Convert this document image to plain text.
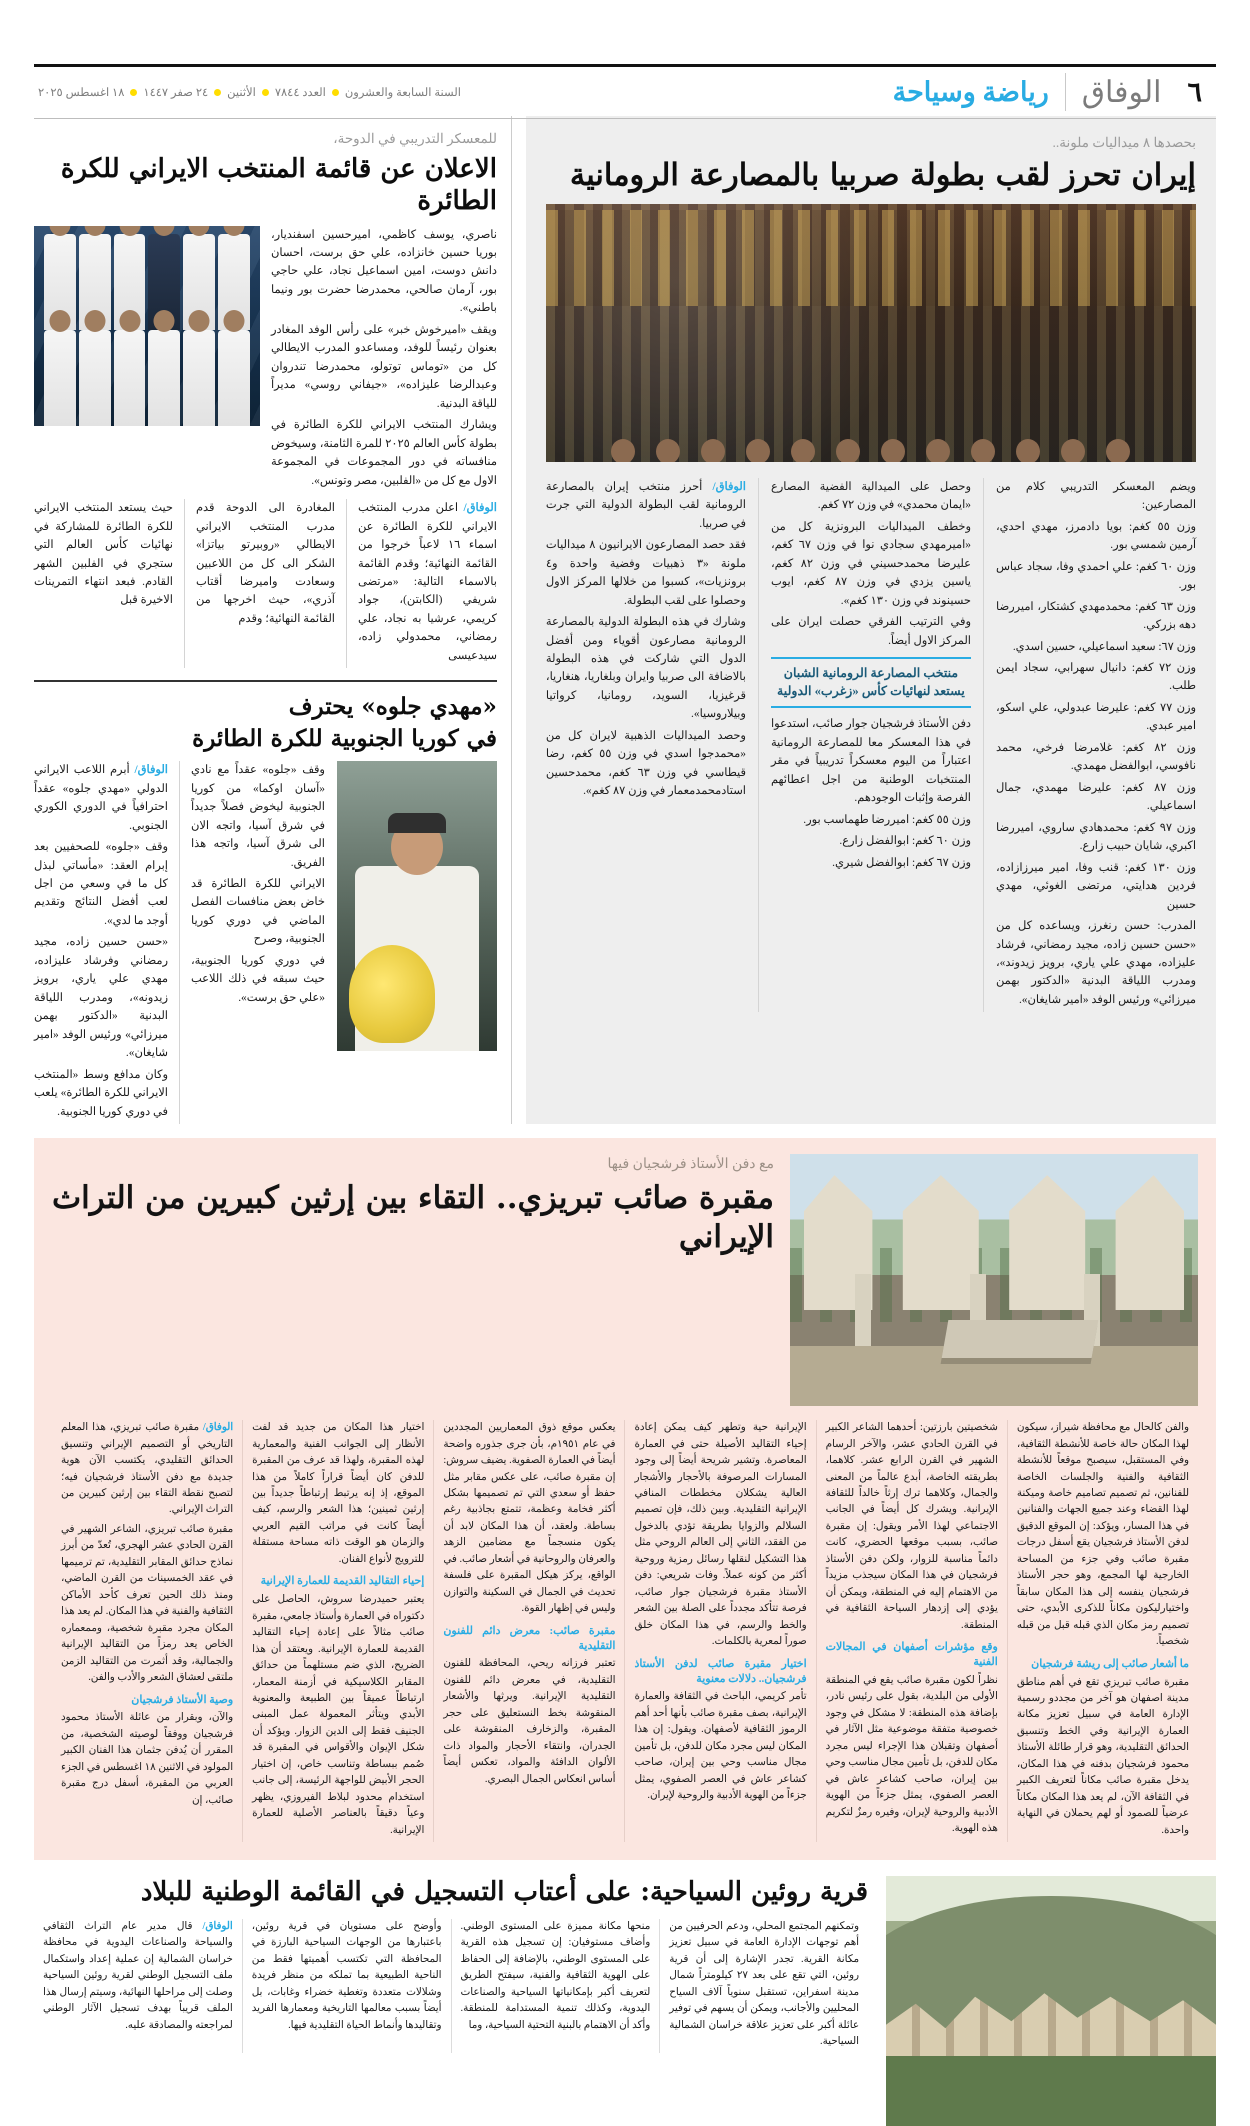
٦
الوفاق
رياضة وسياحة
السنة السابعة والعشرون
العدد ٧٨٤٤
الأثنين
٢٤ صفر ١٤٤٧
١٨ اغسطس ٢٠٢٥
بحصدها ٨ ميداليات ملونة..
إيران تحرز لقب بطولة صربيا بالمصارعة الرومانية

ويضم المعسكر التدريبي كلام من المصارعين:

وزن ٥٥ كغم: بويا دادمرز، مهدي احدي، آرمين شمسي بور.

وزن ٦٠ كغم: علي احمدي وفا، سجاد عباس بور.

وزن ٦٣ كغم: محمدمهدي كشتكار، اميررضا دهه بزركي.

وزن ٦٧: سعيد اسماعيلي، حسين اسدي.

وزن ٧٢ كغم: دانيال سهرابي، سجاد ايمن طلب.

وزن ٧٧ كغم: عليرضا عبدولي، علي اسكو، امير عبدي.

وزن ٨٢ كغم: غلامرضا فرخي، محمد نافوسي، ابوالفضل مهمدي.

وزن ٨٧ كغم: عليرضا مهمدي، جمال اسماعيلي.

وزن ٩٧ كغم: محمدهادي ساروي، اميررضا اكبري، شايان حبيب زارع.

وزن ١٣٠ كغم: قنب وفا، امير ميرزازاده، فردين هدايتي، مرتضى الغوئي، مهدي حسين

المدرب: حسن رنغرز، ويساعده كل من «حسن حسين زاده، مجيد رمضاني، فرشاد عليزاده، مهدي علي ياري، برويز زيدوند»، ومدرب اللياقة البدنية «الدكتور بهمن ميرزائي» ورئيس الوفد «امير شايغان».

وحصل على الميدالية الفضية المصارع «ايمان محمدي» في وزن ٧٢ كغم.

وخطف الميداليات البرونزية كل من «اميرمهدي سجادي نوا في وزن ٦٧ كغم، عليرضا محمدحسيني في وزن ٨٢ كغم، ياسين يزدي في وزن ٨٧ كغم، ايوب حسينوند في وزن ١٣٠ كغم».

وفي الترتيب الفرقي حصلت ايران على المركز الاول أيضاً.

منتخب المصارعة الرومانية الشبان يستعد لنهائيات كأس «زغرب» الدولية

دفن الأستاذ فرشجيان جوار صائب، استدعوا في هذا المعسكر معا للمصارعة الرومانية اعتباراً من اليوم معسكراً تدريبياً في مقر المنتخبات الوطنية من اجل اعطائهم الفرصة وإثبات الوجودهم.

وزن ٥٥ كغم: اميررضا طهماسب بور.

وزن ٦٠ كغم: ابوالفضل زارع.

وزن ٦٧ كغم: ابوالفضل شيري.

الوفاق/ أحرز منتخب إيران بالمصارعة الرومانية لقب البطولة الدولية التي جرت في صربيا.

فقد حصد المصارعون الايرانيون ٨ ميداليات ملونة «٣ ذهبيات وفضية واحدة و٤ برونزيات»، كسبوا من خلالها المركز الاول وحصلوا على لقب البطولة.

وشارك في هذه البطولة الدولية بالمصارعة الرومانية مصارعون أقوياء ومن أفضل الدول التي شاركت في هذه البطولة بالاضافة الى صربيا وايران وبلغاريا، هنغاريا، قرغيزيا، السويد، رومانيا، كرواتيا وبيلاروسيا».

وحصد الميداليات الذهبية لايران كل من «محمدجوا اسدي في وزن ٥٥ كغم، رضا قيطاسي في وزن ٦٣ كغم، محمدحسين استادمحمدمعمار في وزن ٨٧ كغم».

للمعسكر التدريبي في الدوحة،
الاعلان عن قائمة المنتخب الايراني للكرة الطائرة

ناصري، يوسف كاظمي، اميرحسين اسفنديار، بوريا حسين خانزاده، علي حق برست، احسان دانش دوست، امين اسماعيل نجاد، علي حاجي بور، آرمان صالحي، محمدرضا حضرت بور ونيما باطني».

ويقف «اميرخوش خبر» على رأس الوفد المغادر بعنوان رئيساً للوفد، ومساعدو المدرب الايطالي كل من «توماس توتولو، محمدرضا تندروان وعبدالرضا عليزاده»، «جيفاني روسي» مديراً للياقة البدنية.

ويشارك المنتخب الايراني للكرة الطائرة في بطولة كأس العالم ٢٠٢٥ للمرة الثامنة، وسيخوض منافساته في دور المجموعات في المجموعة الاول مع كل من «الفلبين، مصر وتونس».

الوفاق/ اعلن مدرب المنتخب الايراني للكرة الطائرة عن اسماء ١٦ لاعباً خرجوا من القائمة النهائية؛ وقدم القائمة بالاسماء التالية: «مرتضى شريفي (الكابتن)، جواد كريمي، عرشيا به نجاد، علي رمضاني، محمدولي زاده، سيدعيسى

المغادرة الى الدوحة قدم مدرب المنتخب الايراني الايطالي «روبيرتو بياتزا» الشكر الى كل من اللاعبين وسعادت واميرضا أقتاب آذري»، حيث اخرجها من القائمة النهائية؛ وقدم

حيث يستعد المنتخب الايراني للكرة الطائرة للمشاركة في نهائيات كأس العالم التي ستجري في الفلبين الشهر القادم. فبعد انتهاء التمرينات الاخيرة قبل

«مهدي جلوه» يحترف
في كوريا الجنوبية للكرة الطائرة

وقف «جلوه» عقداً مع نادي «آسان اوكما» من كوريا الجنوبية ليخوض فصلاً جديداً في شرق آسيا، واتجه الان الى شرق آسيا، واتجه هذا الفريق.

الايراني للكرة الطائرة قد خاض بعض منافسات الفصل الماضي في دوري كوريا الجنوبية، وصرح

في دوري كوريا الجنوبية، حيث سبقه في ذلك اللاعب «علي حق برست».

الوفاق/ أبرم اللاعب الايراني الدولي «مهدي جلوه» عقداً احترافياً في الدوري الكوري الجنوبي.

وقف «جلوه» للصحفيين بعد إبرام العقد: «مأساتي لبذل كل ما في وسعي من اجل لعب أفضل النتائج وتقديم أوجد ما لدي».

«حسن حسين زاده، مجيد رمضاني وفرشاد عليزاده، مهدي علي ياري، برويز زيدونه»، ومدرب اللياقة البدنية «الدكتور بهمن ميرزائي» ورئيس الوفد «امير شايغان».

وكان مدافع وسط «المنتخب الايراني للكرة الطائرة» يلعب في دوري كوريا الجنوبية.

مع دفن الأستاذ فرشجيان فيها
مقبرة صائب تبريزي.. التقاء بين إرثين كبيرين من التراث الإيراني

والفن كالحال مع محافظة شيراز، سيكون لهذا المكان حالة خاصة للأنشطة الثقافية، وفي المستقبل، سيصبح موقعاً للأنشطة الثقافية والفنية والجلسات الخاصة للفنانين، ثم تصميم تصاميم خاصة وميكنة لهذا القضاء وعند جميع الجهات والفنانين في هذا المسار، ويؤكد: إن الموقع الدقيق لدفن الأستاذ فرشجيان يقع أسفل درجات مقبرة صائب وفي جزء من المساحة الخارجية لها المجمع، وهو حجر الأستاذ فرشجيان ينفسه إلى هذا المكان سابقاً واختيارليكون مكاناً للذكرى الأبدي، حتى تصميم رمز مكان الذي قبله قبل من قبله شخصياً.

ما أشعار صائب إلى ريشة فرشجيان

مقبرة صائب تبريزي تقع في أهم مناطق مدينة اصفهان هو آخر من مجددو رسمية الإدارة العامة في سبيل تعزيز مكانة العمارة الإيرانية وفي الخط وتنسيق الحدائق التقليدية، وهو قرار طائلة الأستاذ محمود فرشجيان بدفنه في هذا المكان، يدخل مقبرة صائب مكاناً لتعريف الكبير في الثقافة الآن، لم يعد هذا المكان مكاناً عرضياً للصمود أو لهم يحملان في النهاية واحدة.

شخصيتين بارزتين: أحدهما الشاعر الكبير في القرن الحادي عشر، والآخر الرسام الشهير في القرن الرابع عشر. كلاهما، بطريقته الخاصة، أبدع عالماً من المعنى والجمال، وكلاهما ترك إرثاً خالداً للثقافة الإيرانية. ويشرك كل أيضاً في الجانب الاجتماعي لهذا الأمر ويقول: إن مقبرة صائب، بسبب موقعها الحضري، كانت دائماً مناسبة للزوار، ولكن دفن الأستاذ فرشجيان في هذا المكان سيجذب مزيداً من الاهتمام إليه في المنطقة، ويمكن أن يؤدي إلى إزدهار السياحة الثقافية في المنطقة.

وقع مؤشرات أصفهان في المجالات الفنية

نظراً لكون مقبرة صائب يقع في المنطقة الأولى من البلدية، بقول على رئيس نادر، بإضافة هذه المنطقة: لا مشكل في وجود خصوصية متفقة موضوعية مثل الآثار في أصفهان وتقبلان هذا الإجراء ليس مجرد مكان للدفن، بل تأمين مجال مناسب وحي بين إيران، صاحب كشاعر عاش في العصر الصفوي، يمثل جزءاً من الهوية الأدبية والروحية لإيران، وفيره رمزٌ لتكريم هذه الهوية.

الإيرانية حية وتطهر كيف يمكن إعادة إحياء التقاليد الأصيلة حتى في العمارة المعاصرة. وتشير شريحة أيضاً إلى وجود المسارات المرصوفة بالأحجار والأشجار العالية يشكلان مخططات المنافي الإيرانية التقليدية. وبين ذلك، فإن تصميم السلالم والزوايا بطريقة تؤدي بالدخول من الفقد، الثاني إلى العالم الروحي مثل هذا التشكيل لنقلها رسائل رمزية وروحية أكثر من كونه عملاً. وفات شريعي: دفن الأستاذ مقبرة فرشجيان جوار صائب، فرصة تتأكد مجدداً على الصلة بين الشعر والخط والرسم، في هذا المكان خلق صوراً لمعرية بالكلمات.

اختيار مقبرة صائب لدفن الأستاذ فرشجيان.. دلالات معنوية

تأمر كريمي، الباحث في الثقافة والعمارة الإيرانية، بصف مقبرة صائب بأنها أحد أهم الرموز الثقافية لأصفهان. ويقول: إن هذا المكان ليس مجرد مكان للدفن، بل تأمين مجال مناسب وحي بين إيران، صاحب كشاعر عاش في العصر الصفوي، يمثل جزءاً من الهوية الأدبية والروحية لإيران.

يعكس موقع ذوق المعماريين المجددين في عام ١٩٥١م، بأن جرى جذوره واضحة أيضاً في العمارة الصفوية. يضيف سروش: إن مقبرة صائب، على عكس مقابر مثل حفظ أو سعدي التي تم تصميمها بشكل أكثر فخامة وعظمة، تتمتع بجاذبية رغم بساطة. ولعقد، أن هذا المكان لابد أن يكون منسجماً مع مضامين الزهد والعرفان والروحانية في أشعار صائب. في الواقع، يركز هيكل المقبرة على فلسفة تحديث في الجمال في السكينة والتوازن وليس في إظهار القوة.

مقبرة صائب: معرض دائم للفنون التقليدية

تعتبر فرزانه ريحي، المحافظة للفنون التقليدية، في معرض دائم للفنون التقليدية الإيرانية. ويرثها والأشعار المنقوشة بخط النستعليق على حجر المقبرة، والزخارف المنقوشة على الجدران، وانتقاء الأحجار والمواد ذات الألوان الدافئة والمواد، تعكس أيضاً أساس انعكاس الجمال البصري.

اختيار هذا المكان من جديد قد لفت الأنظار إلى الجوانب الفنية والمعمارية لهذه المقبرة، ولهذا قد عرف من المقبرة للدفن كان أيضاً قراراً كاملاً من هذا الموقع، إذ إنه يرتبط إرتباطاً جديداً بين إرثين ثمينين؛ هذا الشعر والرسم، كيف أيضاً كانت في مراتب القيم العربي والزمان هو الوقت ذاته مساحة مستقلة للترويج لأنواع الفنان.

إحياء التقاليد القديمة للعمارة الإيرانية

يعتبر حميدرضا سروش، الحاصل على دكتوراه في العمارة وأستاذ جامعي، مقبرة صائب مثالاً على إعادة إحياء التقاليد القديمة للعمارة الإيرانية. ويعتقد أن هذا الضريح، الذي ضم مستلهماً من حدائق المقابر الكلاسيكية في أزمنة المعمار، ارتباطاً عميقاً بين الطبيعة والمعنوية الأبدي ويتأثر المعمولة عمل المبنى الجنيف فقط إلى الدين الزوار. ويؤكد أن شكل الإيوان والأقواس في المقبرة قد صُمم ببساطة وتناسب خاص، إن اختيار الحجر الأبيض للواجهة الرئيسة، إلى جانب استخدام محدود لبلاط الفيروزي، يظهر وعياً دقيقاً بالعناصر الأصلية للعمارة الإيرانية.

الوفاق/ مقبرة صائب تبريزي، هذا المعلم التاريخي أو التصميم الإيراني وتنسيق الحدائق التقليدي، يكتسب الآن هوية جديدة مع دفن الأستاذ فرشجيان فيه؛ لتصبح نقطة التقاء بين إرثين كبيرين من التراث الإيراني.

مقبرة صائب تبريزي، الشاعر الشهير في القرن الحادي عشر الهجري، تُعدّ من أبرز نماذج حدائق المقابر التقليدية، تم ترميمها في عقد الخمسينات من القرن الماضي، ومنذ ذلك الحين تعرف كأحد الأماكن الثقافية والفنية في هذا المكان. لم يعد هذا المكان مجرد مقبرة شخصية، وممعماره الخاص يعد رمزاً من التقاليد الإيرانية والجمالية، وقد أثمرت من التقاليد الزمن ملتقى لعشاق الشعر والأدب والفن.

وصية الأستاذ فرشجيان

والآن، وبقرار من عائلة الأستاذ محمود فرشجيان ووفقاً لوصيته الشخصية، من المقرر أن يُدفن جثمان هذا الفنان الكبير المولود في الاثنين ١٨ اغسطس في الجزء العربي من المقبرة، أسفل درج مقبرة صائب، إن

قرية روئين السياحية: على أعتاب التسجيل في القائمة الوطنية للبلاد

وتمكنهم المجتمع المحلي، ودعم الحرفيين من أهم توجهات الإدارة العامة في سبيل تعزيز مكانة القرية. تجدر الإشارة إلى أن قرية روئين، التي تقع على بعد ٢٧ كيلومتراً شمال مدينة اسفراين، تستقبل سنوياً آلاف السياح المحليين والأجانب، ويمكن أن يسهم في توفير عائلة أكبر على تعزيز علاقة خراسان الشمالية السياحية.

منحها مكانة مميزة على المستوى الوطني. وأضاف مستوفيان: إن تسجيل هذه القرية على المستوى الوطني، بالإضافة إلى الحفاظ على الهوية الثقافية والفنية، سيفتح الطريق لتعريف أكبر بإمكانياتها السياحية والصناعات اليدوية، وكذلك تنمية المستدامة للمنطقة. وأكد أن الاهتمام بالبنية التحتية السياحية، وما

وأوضح على مستويان في قرية روئين، باعتبارها من الوجهات السياحية البارزة في المحافظة التي تكتسب أهميتها فقط من الناحية الطبيعية بما تملكه من منظر فريدة وشلالات متعددة وتغطية خضراء وغابات، بل أيضاً بسبب معالمها التاريخية ومعمارها الفريد وتقاليدها وأنماط الحياة التقليدية فيها.

الوفاق/ قال مدير عام التراث الثقافي والسياحة والصناعات اليدوية في محافظة خراسان الشمالية إن عملية إعداد واستكمال ملف التسجيل الوطني لقرية روئين السياحية وصلت إلى مراحلها النهائية، وسيتم إرسال هذا الملف قريباً بهدف تسجيل الآثار الوطني لمراجعته والمصادقة عليه.
